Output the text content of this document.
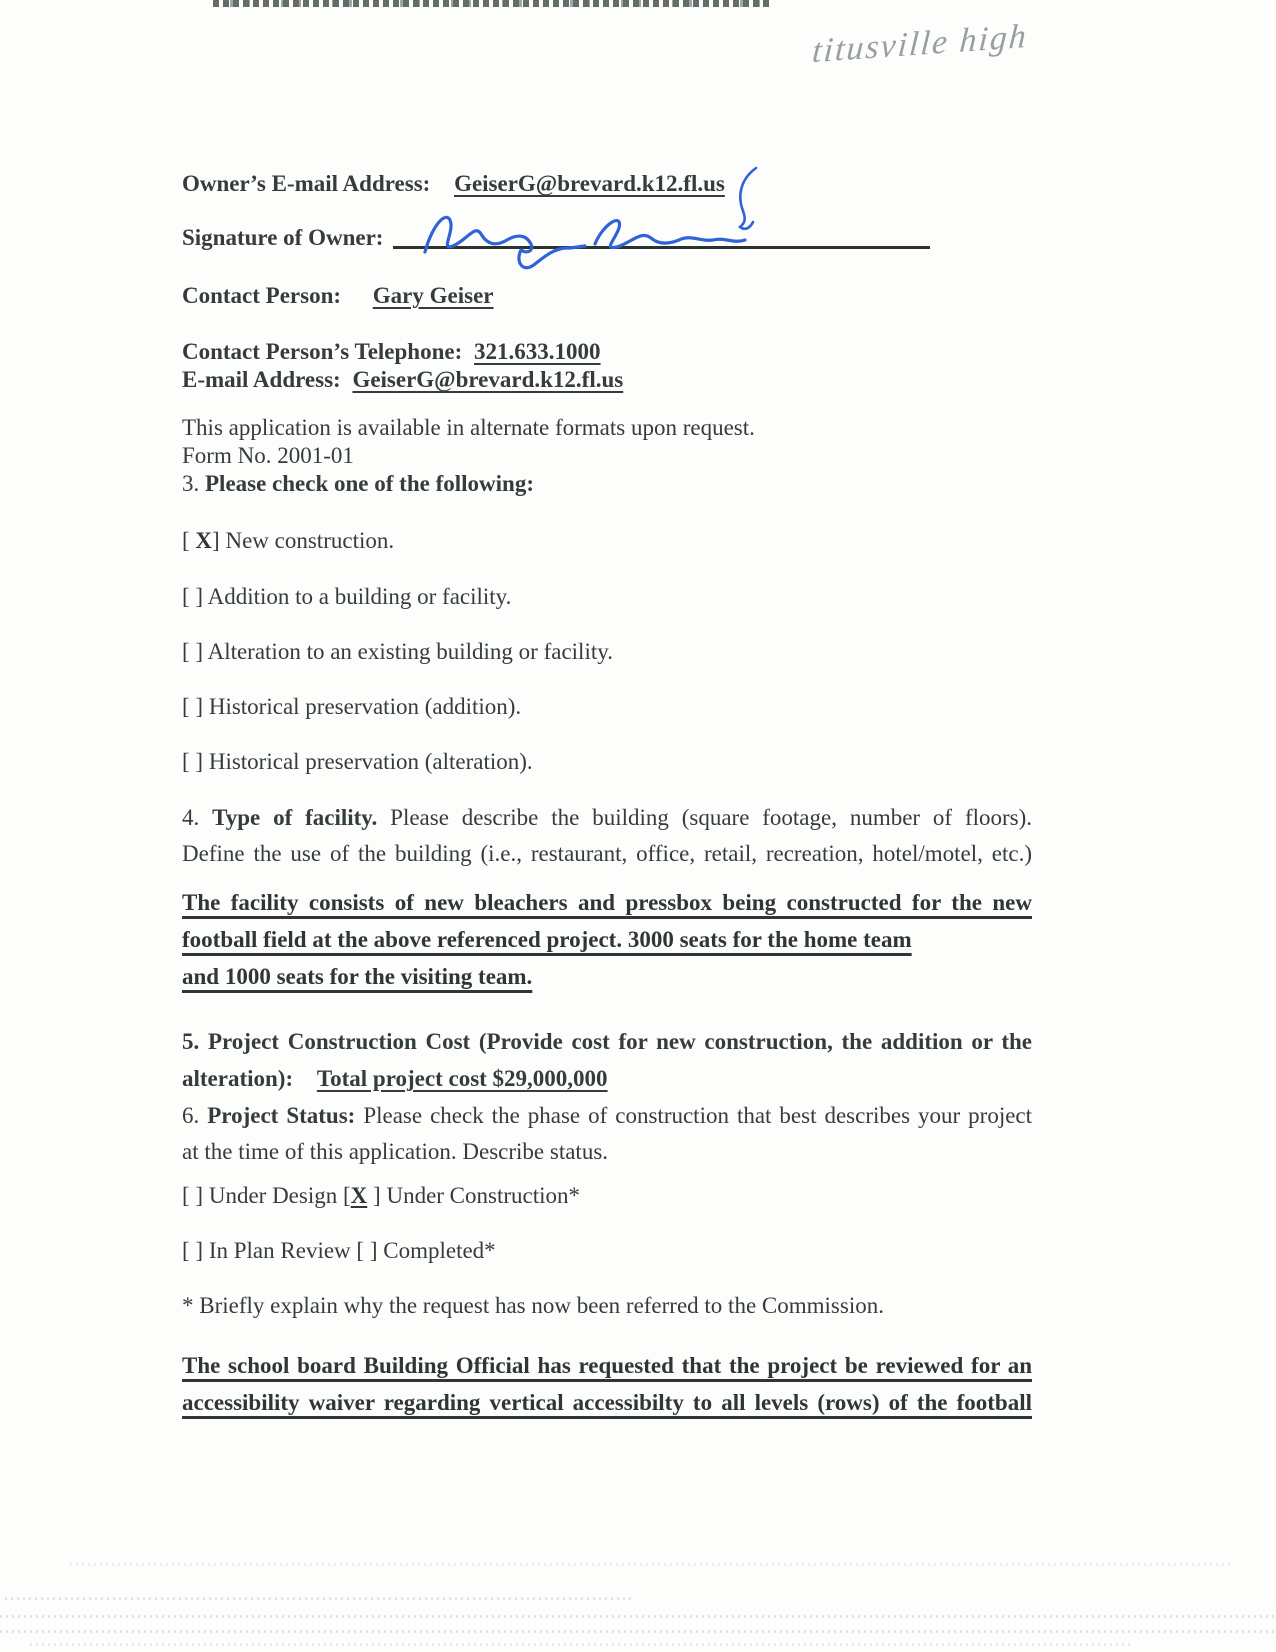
titusville high
Owner’s E-mail Address: GeiserG@brevard.k12.fl.us
Signature of Owner:
Contact Person: Gary Geiser
Contact Person’s Telephone: 321.633.1000
E-mail Address: GeiserG@brevard.k12.fl.us
This application is available in alternate formats upon request.
Form No. 2001-01
3. Please check one of the following:
[ X] New construction.
[ ] Addition to a building or facility.
[ ] Alteration to an existing building or facility.
[ ] Historical preservation (addition).
[ ] Historical preservation (alteration).
4. Type of facility. Please describe the building (square footage, number of floors).
Define the use of the building (i.e., restaurant, office, retail, recreation, hotel/motel, etc.)
The facility consists of new bleachers and pressbox being constructed for the new
football field at the above referenced project. 3000 seats for the home team
and 1000 seats for the visiting team.
5. Project Construction Cost (Provide cost for new construction, the addition or the
alteration): Total project cost $29,000,000
6. Project Status: Please check the phase of construction that best describes your project
at the time of this application. Describe status.
[ ] Under Design [X ] Under Construction*
[ ] In Plan Review [ ] Completed*
* Briefly explain why the request has now been referred to the Commission.
The school board Building Official has requested that the project be reviewed for an
accessibility waiver regarding vertical accessibilty to all levels (rows) of the football
